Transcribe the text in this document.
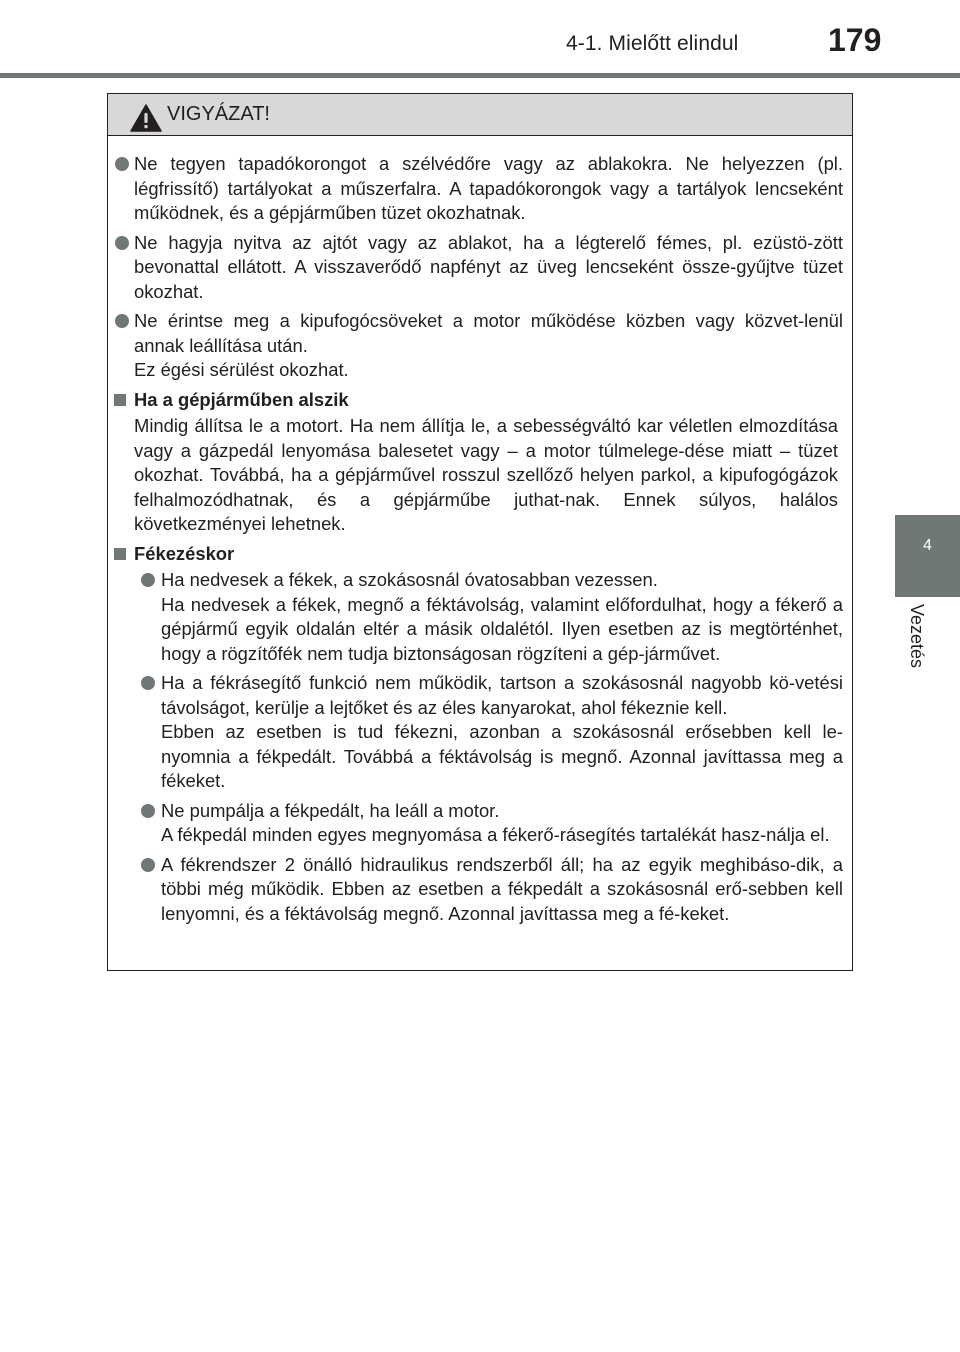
4-1. Mielőtt elindul	179
4
Vezetés
VIGYÁZAT!
Ne tegyen tapadókorongot a szélvédőre vagy az ablakokra. Ne helyezzen (pl. légfrissítő) tartályokat a műszerfalra. A tapadókorongok vagy a tartályok lencseként működnek, és a gépjárműben tüzet okozhatnak.
Ne hagyja nyitva az ajtót vagy az ablakot, ha a légterelő fémes, pl. ezüstö-zött bevonattal ellátott. A visszaverődő napfényt az üveg lencseként össze-gyűjtve tüzet okozhat.
Ne érintse meg a kipufogócsöveket a motor működése közben vagy közvet-lenül annak leállítása után.
Ez égési sérülést okozhat.
Ha a gépjárműben alszik
Mindig állítsa le a motort. Ha nem állítja le, a sebességváltó kar véletlen elmozdítása vagy a gázpedál lenyomása balesetet vagy – a motor túlmelege-dése miatt – tüzet okozhat. Továbbá, ha a gépjárművel rosszul szellőző helyen parkol, a kipufogógázok felhalmozódhatnak, és a gépjárműbe juthat-nak. Ennek súlyos, halálos következményei lehetnek.
Fékezéskor
Ha nedvesek a fékek, a szokásosnál óvatosabban vezessen.
Ha nedvesek a fékek, megnő a féktávolság, valamint előfordulhat, hogy a fékerő a gépjármű egyik oldalán eltér a másik oldalétól. Ilyen esetben az is megtörténhet, hogy a rögzítőfék nem tudja biztonságosan rögzíteni a gép-járművet.
Ha a fékrásegítő funkció nem működik, tartson a szokásosnál nagyobb kö-vetési távolságot, kerülje a lejtőket és az éles kanyarokat, ahol fékeznie kell.
Ebben az esetben is tud fékezni, azonban a szokásosnál erősebben kell le-nyomnia a fékpedált. Továbbá a féktávolság is megnő. Azonnal javíttassa meg a fékeket.
Ne pumpálja a fékpedált, ha leáll a motor.
A fékpedál minden egyes megnyomása a fékerő-rásegítés tartalékát hasz-nálja el.
A fékrendszer 2 önálló hidraulikus rendszerből áll; ha az egyik meghibáso-dik, a többi még működik. Ebben az esetben a fékpedált a szokásosnál erő-sebben kell lenyomni, és a féktávolság megnő. Azonnal javíttassa meg a fé-keket.
